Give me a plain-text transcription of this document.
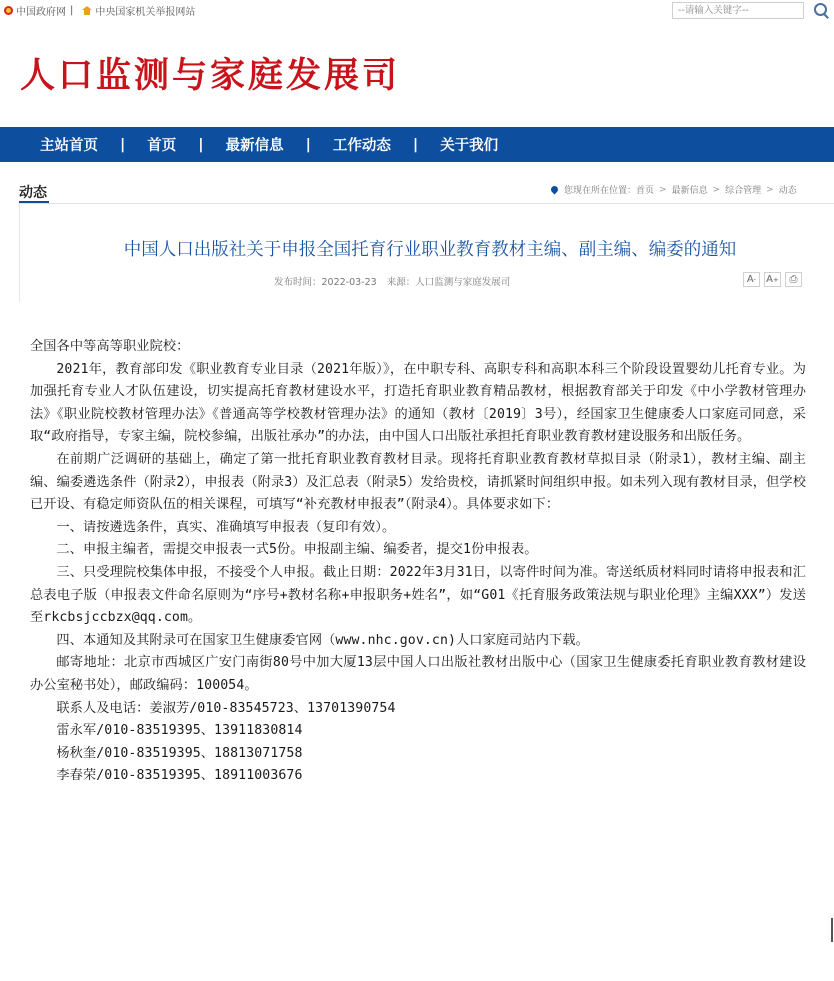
中国政府网 | 中央国家机关举报网站
--请输入关键字--
人口监测与家庭发展司
主站首页 | 首页 | 最新信息 | 工作动态 | 关于我们
动态	您现在所在位置： 首页 > 最新信息 > 综合管理 > 动态
中国人口出版社关于申报全国托育行业职业教育教材主编、副主编、编委的通知
发布时间：2022-03-23 来源：人口监测与家庭发展司	A - A + ⎙

全国各中等高等职业院校：

2021年，教育部印发《职业教育专业目录（2021年版）》，在中职专科、高职专科和高职本科三个阶段设置婴幼儿托育专业。为加强托育专业人才队伍建设，切实提高托育教材建设水平，打造托育职业教育精品教材，根据教育部关于印发《中小学教材管理办法》《职业院校教材管理办法》《普通高等学校教材管理办法》的通知（教材〔2019〕3号），经国家卫生健康委人口家庭司同意，采取“政府指导，专家主编，院校参编，出版社承办”的办法，由中国人口出版社承担托育职业教育教材建设服务和出版任务。

在前期广泛调研的基础上，确定了第一批托育职业教育教材目录。现将托育职业教育教材草拟目录（附录1），教材主编、副主编、编委遴选条件（附录2），申报表（附录3）及汇总表（附录5）发给贵校，请抓紧时间组织申报。如未列入现有教材目录，但学校已开设、有稳定师资队伍的相关课程，可填写“补充教材申报表”（附录4）。具体要求如下：

一、请按遴选条件，真实、准确填写申报表（复印有效）。

二、申报主编者，需提交申报表一式5份。申报副主编、编委者，提交1份申报表。

三、只受理院校集体申报，不接受个人申报。截止日期：2022年3月31日，以寄件时间为准。寄送纸质材料同时请将申报表和汇总表电子版（申报表文件命名原则为“序号+教材名称+申报职务+姓名”，如“G01《托育服务政策法规与职业伦理》主编XXX”）发送至rkcbsjccbzx@qq.com。

四、本通知及其附录可在国家卫生健康委官网（www.nhc.gov.cn)人口家庭司站内下载。

邮寄地址：北京市西城区广安门南街80号中加大厦13层中国人口出版社教材出版中心（国家卫生健康委托育职业教育教材建设办公室秘书处），邮政编码：100054。

联系人及电话：姜淑芳/010-83545723、13701390754

雷永军/010-83519395、13911830814

杨秋奎/010-83519395、18813071758

李春荣/010-83519395、18911003676
